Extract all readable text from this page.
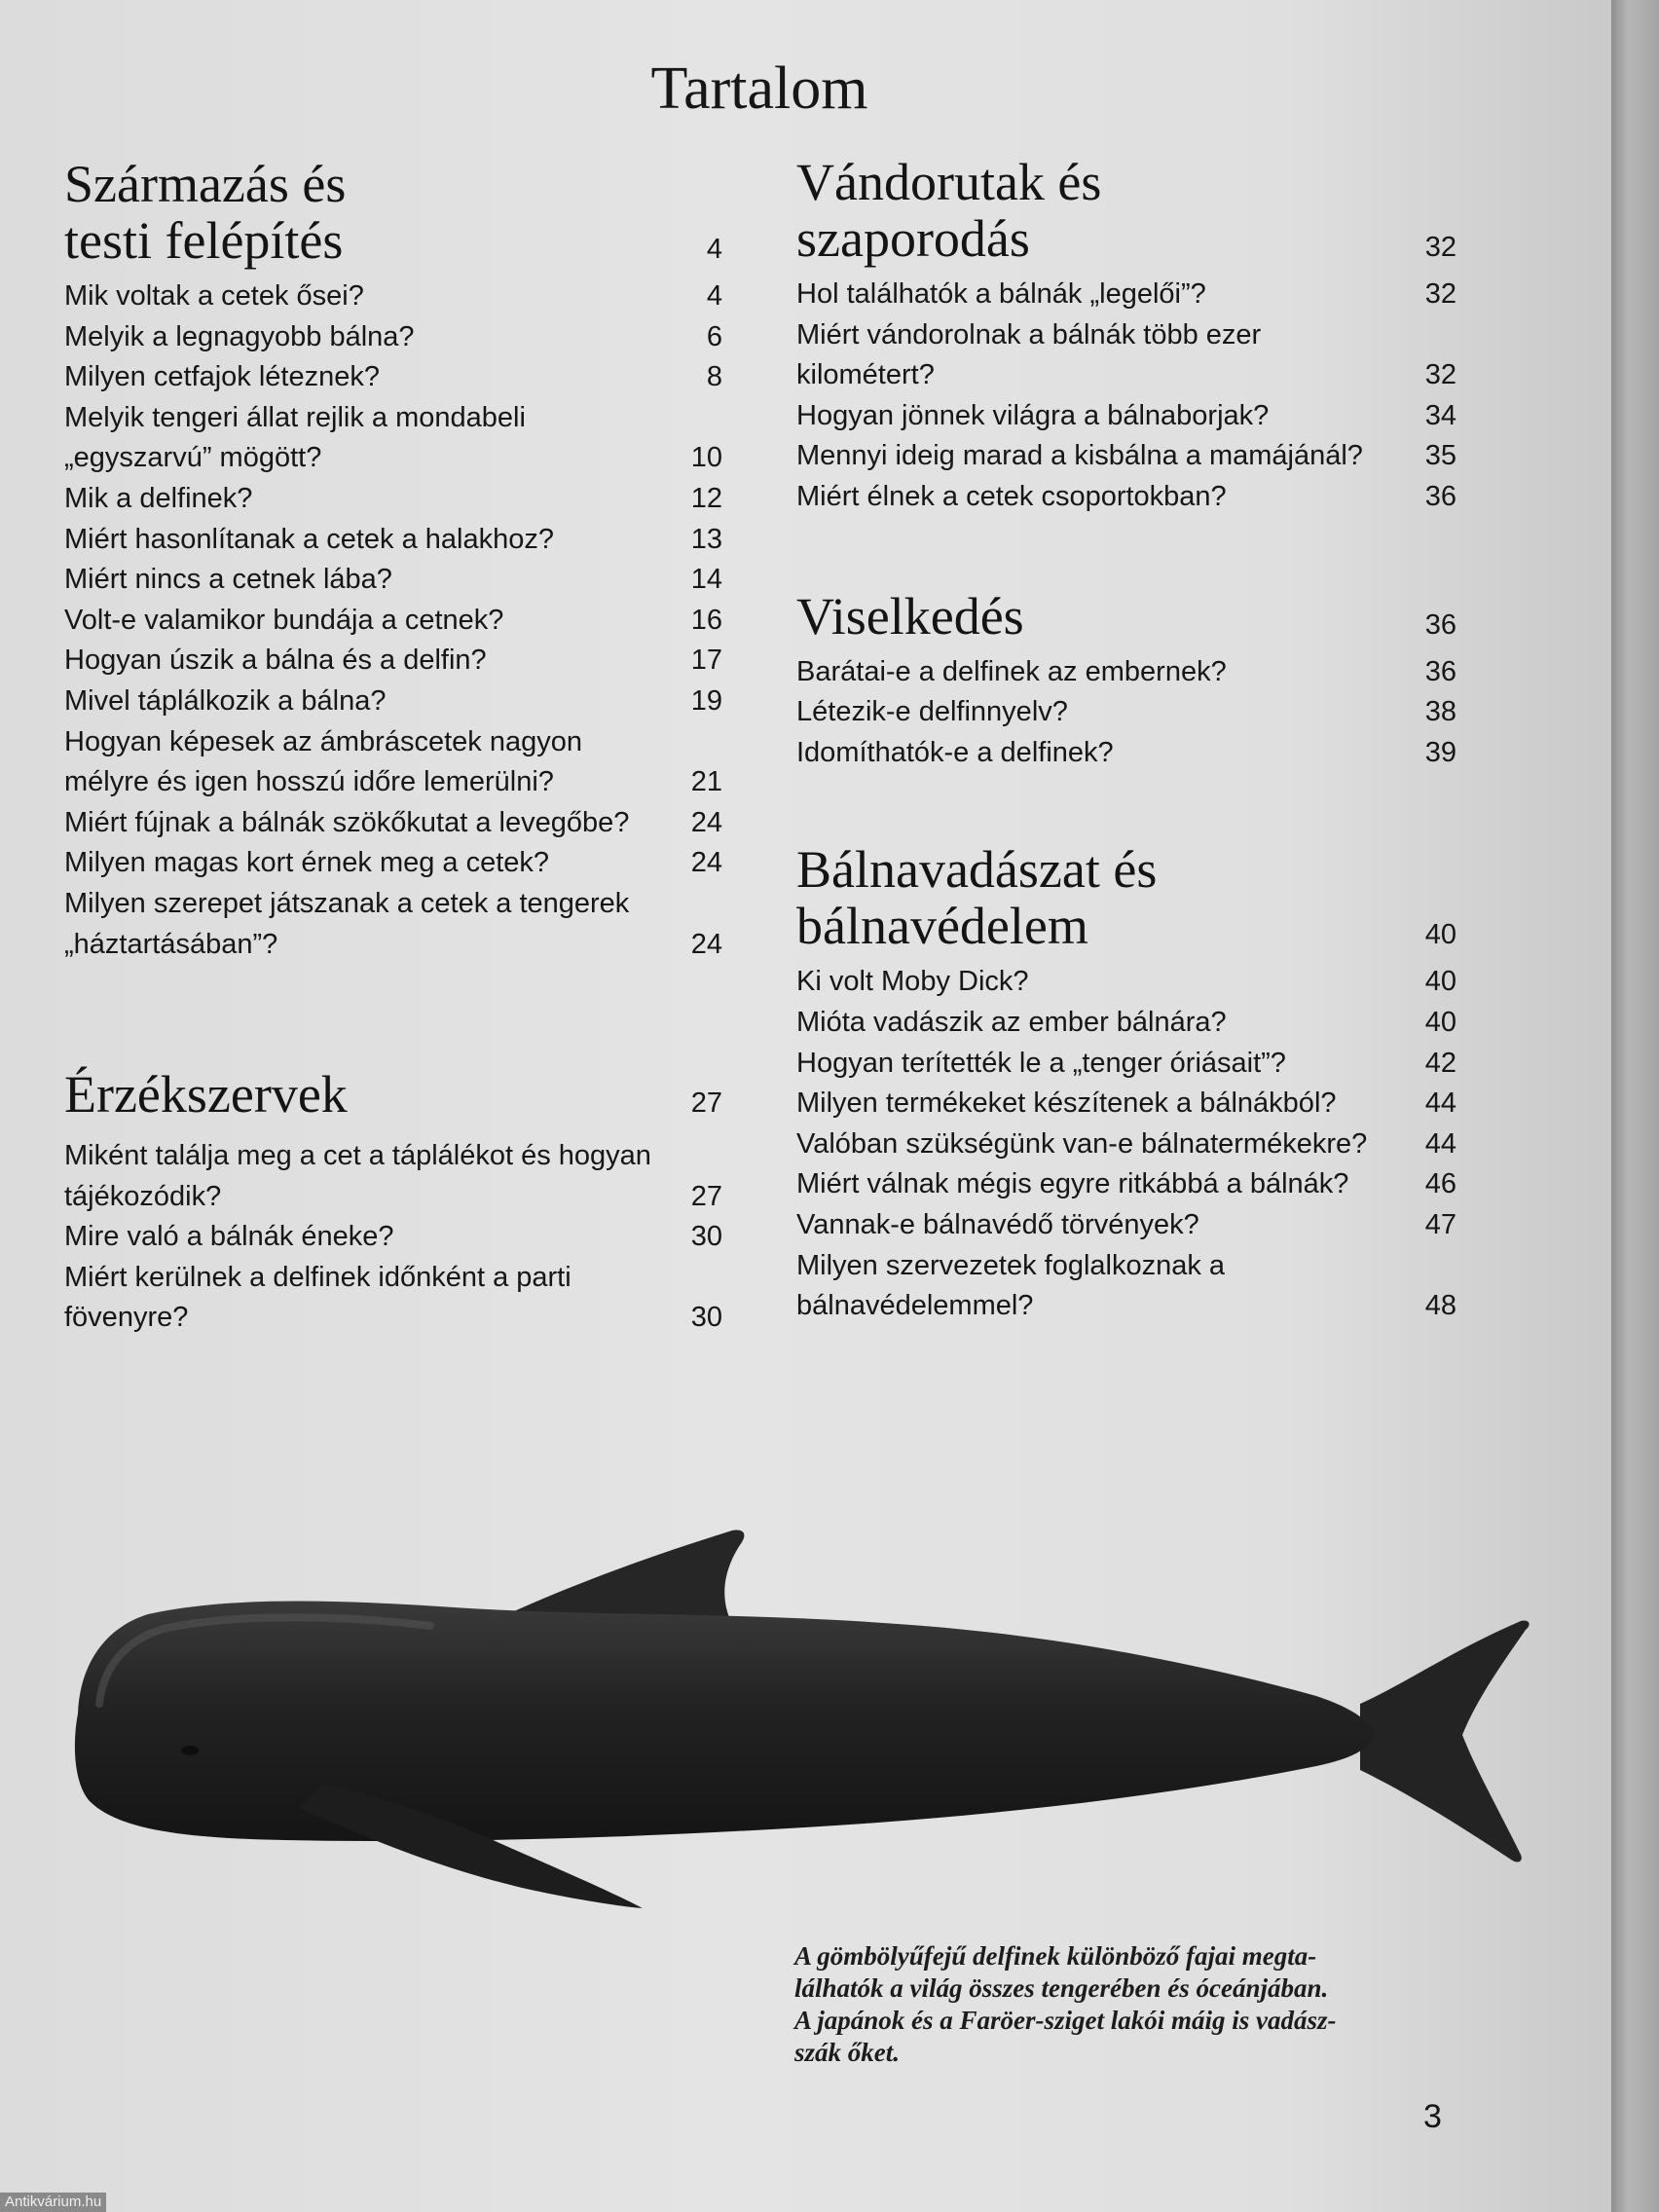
Tartalom
Származás és
testi felépítés	4
Mik voltak a cetek ősei?	4
Melyik a legnagyobb bálna?	6
Milyen cetfajok léteznek?	8
Melyik tengeri állat rejlik a mondabeli „egyszarvú” mögött?	10
Mik a delfinek?	12
Miért hasonlítanak a cetek a halakhoz?	13
Miért nincs a cetnek lába?	14
Volt-e valamikor bundája a cetnek?	16
Hogyan úszik a bálna és a delfin?	17
Mivel táplálkozik a bálna?	19
Hogyan képesek az ámbráscetek nagyon mélyre és igen hosszú időre lemerülni?	21
Miért fújnak a bálnák szökőkutat a levegőbe?	24
Milyen magas kort érnek meg a cetek?	24
Milyen szerepet játszanak a cetek a tengerek „háztartásában”?	24
Érzékszervek	27
Miként találja meg a cet a táplálékot és hogyan tájékozódik?	27
Mire való a bálnák éneke?	30
Miért kerülnek a delfinek időnként a parti fövenyre?	30
Vándorutak és
szaporodás	32
Hol találhatók a bálnák „legelői”?	32
Miért vándorolnak a bálnák több ezer kilométert?	32
Hogyan jönnek világra a bálnaborjak?	34
Mennyi ideig marad a kisbálna a mamájánál?	35
Miért élnek a cetek csoportokban?	36
Viselkedés	36
Barátai-e a delfinek az embernek?	36
Létezik-e delfinnyelv?	38
Idomíthatók-e a delfinek?	39
Bálnavadászat és
bálnavédelem	40
Ki volt Moby Dick?	40
Mióta vadászik az ember bálnára?	40
Hogyan terítették le a „tenger óriásait”?	42
Milyen termékeket készítenek a bálnákból?	44
Valóban szükségünk van-e bálnatermékekre?	44
Miért válnak mégis egyre ritkábbá a bálnák?	46
Vannak-e bálnavédő törvények?	47
Milyen szervezetek foglalkoznak a bálnavédelemmel?	48
A gömbölyűfejű delfinek különböző fajai megta-
lálhatók a világ összes tengerében és óceánjában.
A japánok és a Faröer-sziget lakói máig is vadász-
szák őket.
3
Antikvárium.hu
